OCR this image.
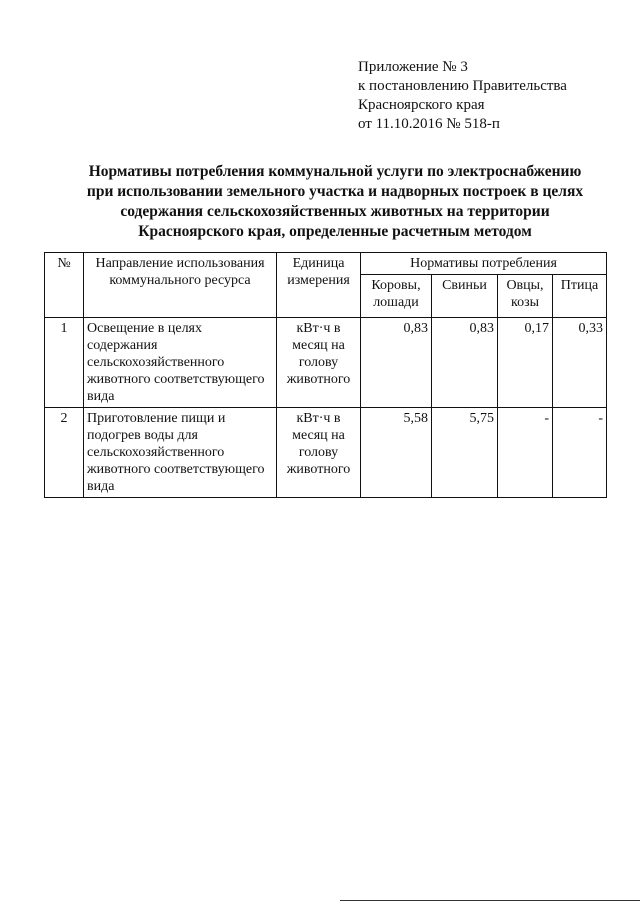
Приложение № 3
к постановлению Правительства
Красноярского края
от 11.10.2016 № 518-п
Нормативы потребления коммунальной услуги по электроснабжению
при использовании земельного участка и надворных построек в целях
содержания сельскохозяйственных животных на территории
Красноярского края, определенные расчетным методом
№	Направление использования коммунального ресурса	Единица измерения	Нормативы потребления			
			Коровы, лошади	Свиньи	Овцы, козы	Птица
1	Освещение в целях содержания сельскохозяйственного животного соответствующего вида	кВт·ч в месяц на голову животного	0,83	0,83	0,17	0,33
2	Приготовление пищи и подогрев воды для сельскохозяйственного животного соответствующего вида	кВт·ч в месяц на голову животного	5,58	5,75	-	-
